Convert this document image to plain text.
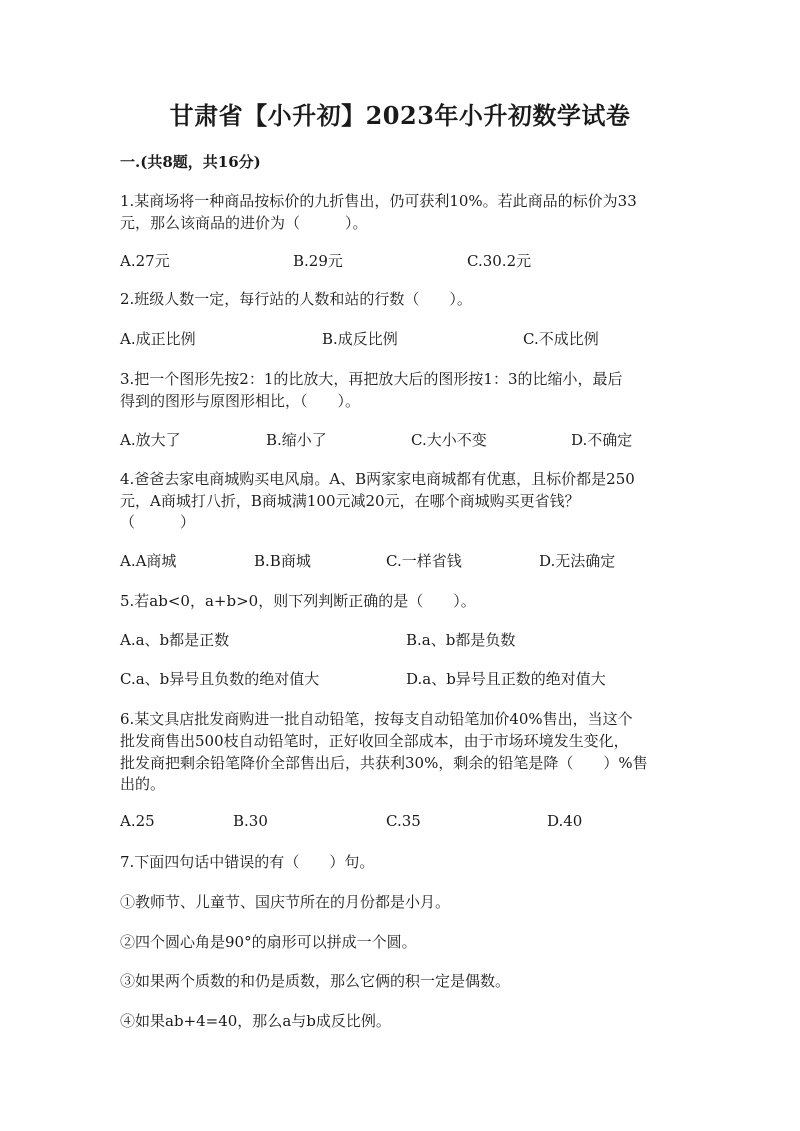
甘肃省【小升初】2023年小升初数学试卷
一.(共8题，共16分)
1.某商场将一种商品按标价的九折售出，仍可获利10%。若此商品的标价为33
元，那么该商品的进价为（　　　）。
A.27元	B.29元	C.30.2元
2.班级人数一定，每行站的人数和站的行数（　　）。
A.成正比例	B.成反比例	C.不成比例
3.把一个图形先按2：1的比放大，再把放大后的图形按1：3的比缩小，最后
得到的图形与原图形相比，（　　）。
A.放大了	B.缩小了	C.大小不变	D.不确定
4.爸爸去家电商城购买电风扇。A、B两家家电商城都有优惠，且标价都是250
元，A商城打八折，B商城满100元减20元，在哪个商城购买更省钱？
（　　　）
A.A商城	B.B商城	C.一样省钱	D.无法确定
5.若ab<0，a+b>0，则下列判断正确的是（　　）。
A.a、b都是正数	B.a、b都是负数
C.a、b异号且负数的绝对值大	D.a、b异号且正数的绝对值大
6.某文具店批发商购进一批自动铅笔，按每支自动铅笔加价40%售出，当这个
批发商售出500枝自动铅笔时，正好收回全部成本，由于市场环境发生变化，
批发商把剩余铅笔降价全部售出后，共获利30%，剩余的铅笔是降（　　）%售
出的。
A.25	B.30	C.35	D.40
7.下面四句话中错误的有（　　）句。
①教师节、儿童节、国庆节所在的月份都是小月。
②四个圆心角是90°的扇形可以拼成一个圆。
③如果两个质数的和仍是质数，那么它俩的积一定是偶数。
④如果ab+4=40，那么a与b成反比例。
